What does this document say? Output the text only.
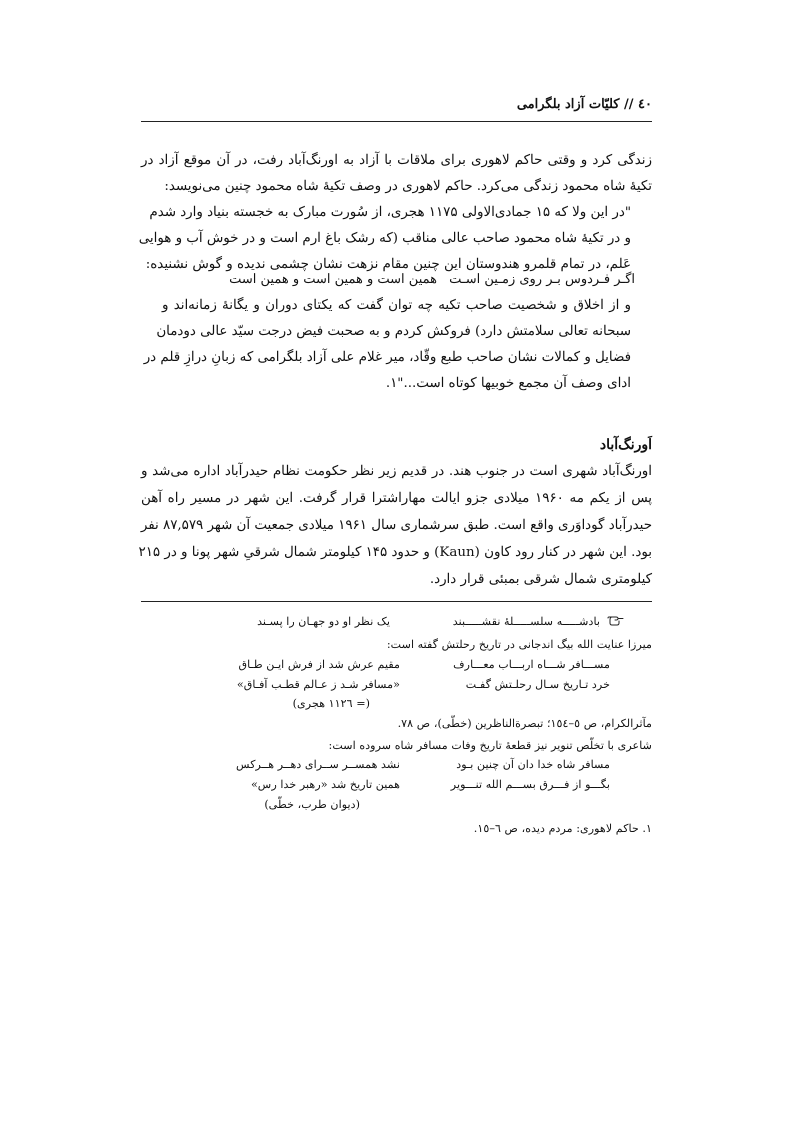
٤٠ // کلیّات آزاد بلگرامی
زندگی کرد و وقتی حاکم لاهوری برای ملاقات با آزاد به اورنگ‌آباد رفت، در آن موقع آزاد در
تکیهٔ شاه محمود زندگی می‌کرد. حاکم لاهوری در وصف تکیهٔ شاه محمود چنین می‌نویسد:
"در این ولا که ۱۵ جمادی‌الاولی ۱۱۷۵ هجری، از سُورت مبارک به خجسته بنیاد وارد شدم
و در تکیهٔ شاه محمود صاحب عالی مناقب (که رشک باغ ارم است و در خوش آب و هوایی
عَلم، در تمام قلمرو هندوستان این چنین مقام نزهت نشان چشمی ندیده و گوش نشنیده:
اگـر فـردوس بـر روی زمـین اسـت
همین است و همین است و همین است
و از اخلاق و شخصیت صاحب تکیه چه توان گفت که یکتای دوران و یگانهٔ زمانه‌اند و
سبحانه تعالی سلامتش دارد) فروکش کردم و به صحبت فیض درجت سیّد عالی دودمان
فضایل و کمالات نشان صاحب طبع وقّاد، میر غلام علی آزاد بلگرامی که زبانِ درازِ قلم در
ادای وصف آن مجمع خوبیها کوتاه است..."۱.
اَورنگ‌آباد
اورنگ‌آباد شهری است در جنوب هند. در قدیم زیر نظر حکومت نظام حیدرآباد اداره می‌شد و
پس از یکم مه ۱۹۶۰ میلادی جزو ایالت مهاراشترا قرار گرفت. این شهر در مسیر راه آهن
حیدرآباد گوداوَری واقع است. طبق سرشماری سال ۱۹۶۱ میلادی جمعیت آن شهر ۸۷,۵۷۹ نفر
بود. این شهر در کنار رود کاون (Kaun) و حدود ۱۴۵ کیلومتر شمال شرقیِ شهر پونا و در ۲۱۵
کیلومتری شمال شرقی بمبئی قرار دارد.
بادشـــــه سلســـــلهٔ نقشـــــبند
یک نظر او دو جهـان را پسـند
میرزا عنایت الله بیگ اندجانی در تاریخ رحلتش گفته است:
مســـافر شـــاه اربـــاب معـــارف
مقیم عرش شد از فرش ایـن طـاق
خرد تـاریخ سـال رحلـتش گفـت
«مسافر شـد ز عـالم قطـب آفـاق»
(= ۱۱۲٦ هجری)
مآثرالکرام، ص ٥–١٥٤؛ تبصرةالناظرین (خطّی)، ص ۷۸.
شاعری با تخلّص تنویر نیز قطعهٔ تاریخ وفات مسافر شاه سروده است:
مسافر شاه خدا دان آن چنین بـود
نشد همســر ســرای دهــر هــرکس
بگـــو از فـــرق بســـم الله تنـــویر
همین تاریخ شد «رهبر خدا رس»
(دیوان طرب، خطّی)
۱. حاکم لاهوری: مردم دیده، ص ٦–١٥.
